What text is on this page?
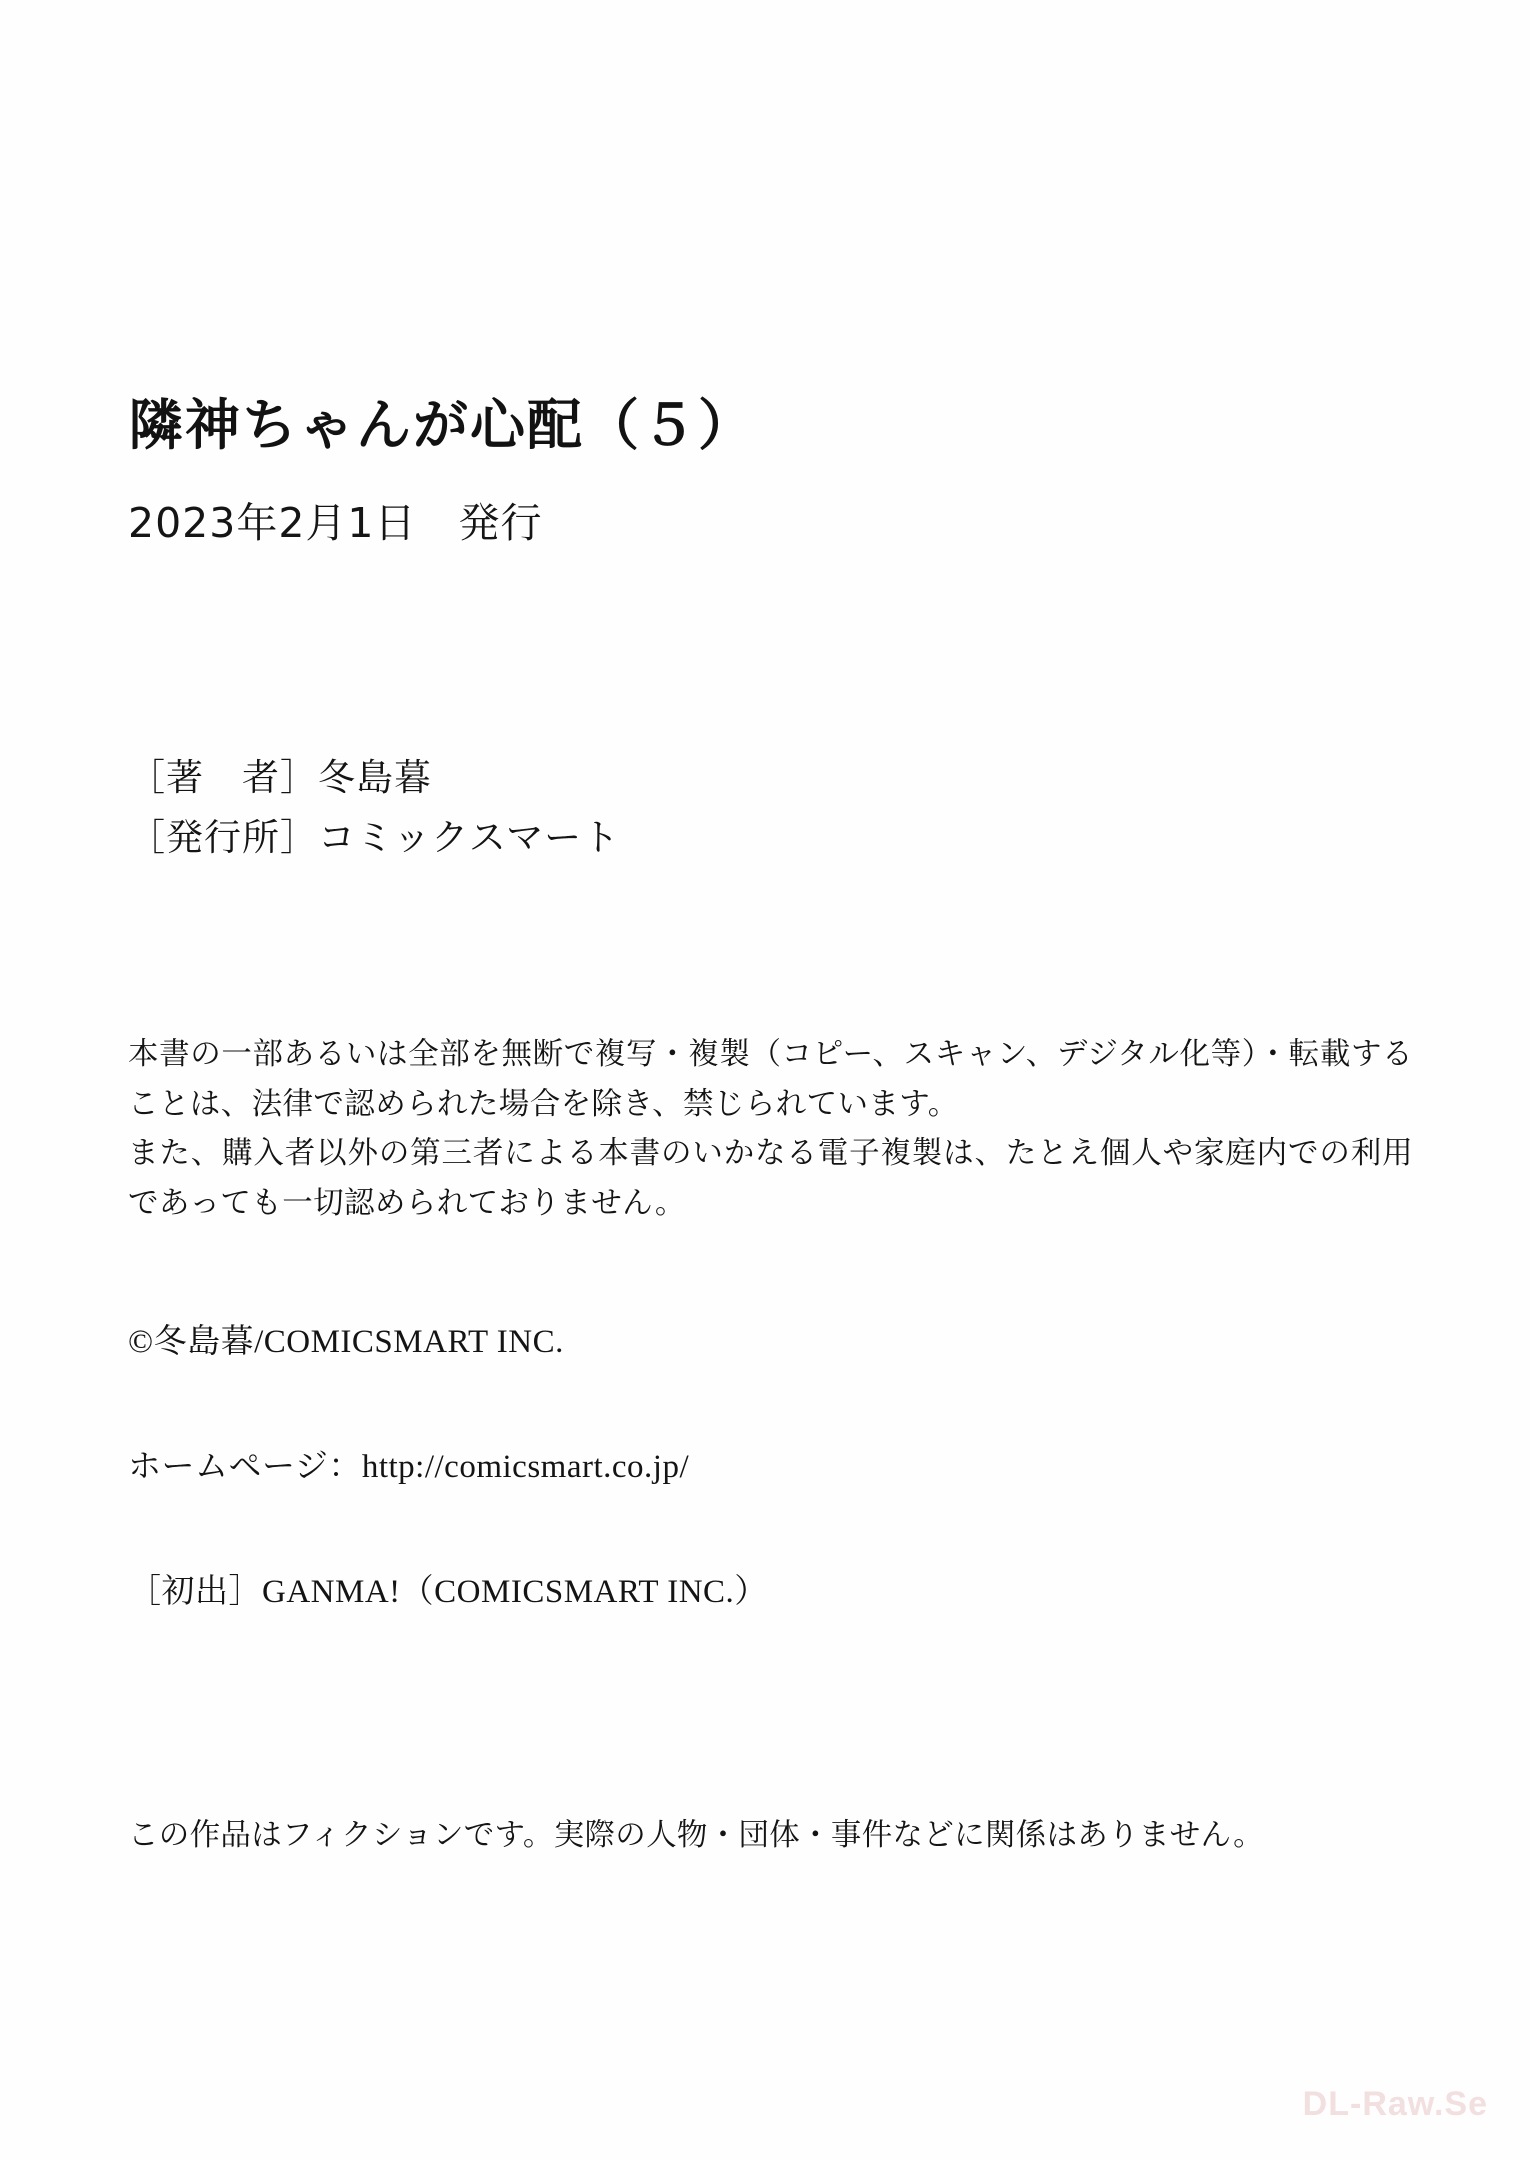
隣神ちゃんが心配（５）
2023年2月1日　発行
［著　者］冬島暮
［発行所］コミックスマート

本書の一部あるいは全部を無断で複写・複製（コピー、スキャン、デジタル化等）・転載することは、法律で認められた場合を除き、禁じられています。

また、購入者以外の第三者による本書のいかなる電子複製は、たとえ個人や家庭内での利用であっても一切認められておりません。

©冬島暮/COMICSMART INC.
ホームページ：http://comicsmart.co.jp/
［初出］GANMA!（COMICSMART INC.）
この作品はフィクションです。実際の人物・団体・事件などに関係はありません。
DL-Raw.Se
